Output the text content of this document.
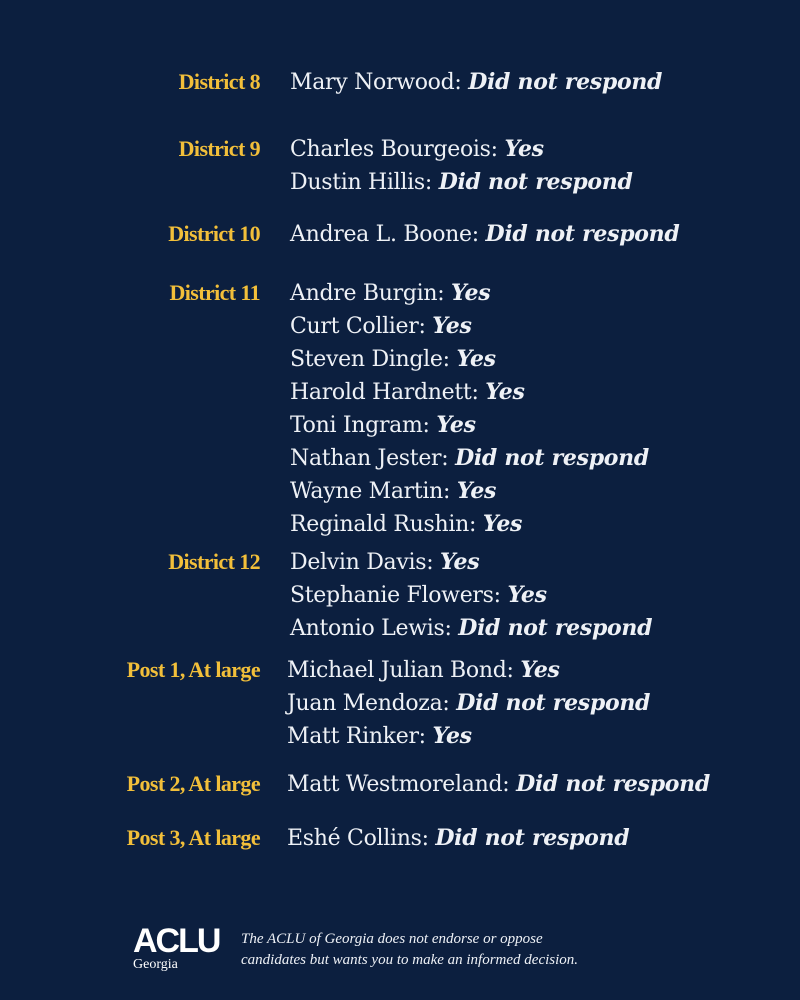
District 8 Mary Norwood: Did not respond
District 9 Charles Bourgeois: Yes
Dustin Hillis: Did not respond
District 10 Andrea L. Boone: Did not respond
District 11 Andre Burgin: Yes
Curt Collier: Yes
Steven Dingle: Yes
Harold Hardnett: Yes
Toni Ingram: Yes
Nathan Jester: Did not respond
Wayne Martin: Yes
Reginald Rushin: Yes
District 12 Delvin Davis: Yes
Stephanie Flowers: Yes
Antonio Lewis: Did not respond
Post 1, At large Michael Julian Bond: Yes
Juan Mendoza: Did not respond
Matt Rinker: Yes
Post 2, At large Matt Westmoreland: Did not respond
Post 3, At large Eshé Collins: Did not respond
ACLU
Georgia
The ACLU of Georgia does not endorse or oppose
candidates but wants you to make an informed decision.
